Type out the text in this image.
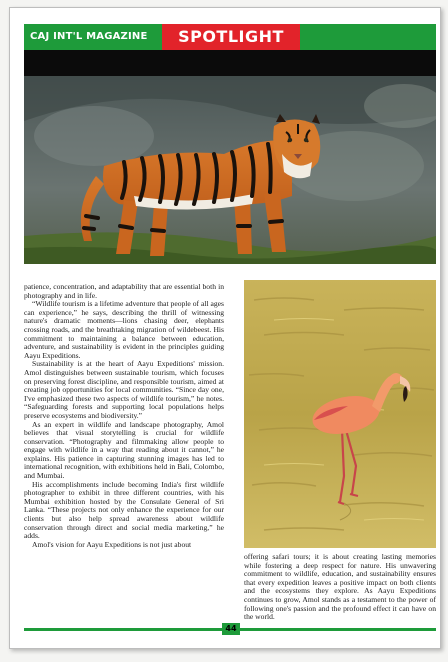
CAJ INT'L MAGAZINE	SPOTLIGHT

patience, concentration, and adaptability that are essential both in photography and in life.

“Wildlife tourism is a lifetime adventure that people of all ages can experience,” he says, describing the thrill of witnessing nature's dramatic moments—lions chasing deer, elephants crossing roads, and the breathtaking migration of wildebeest. His commitment to maintaining a balance between education, adventure, and sustainability is evident in the principles guiding Aayu Expeditions.

Sustainability is at the heart of Aayu Expeditions' mission. Amol distinguishes between sustainable tourism, which focuses on preserving forest discipline, and responsible tourism, aimed at creating job opportunities for local communities. “Since day one, I've emphasized these two aspects of wildlife tourism,” he notes. “Safeguarding forests and supporting local populations helps preserve ecosystems and biodiversity.”

As an expert in wildlife and landscape photography, Amol believes that visual storytelling is crucial for wildlife conservation. “Photography and filmmaking allow people to engage with wildlife in a way that reading about it cannot,” he explains. His patience in capturing stunning images has led to international recognition, with exhibitions held in Bali, Colombo, and Mumbai.

His accomplishments include becoming India's first wildlife photographer to exhibit in three different countries, with his Mumbai exhibition hosted by the Consulate General of Sri Lanka. “These projects not only enhance the experience for our clients but also help spread awareness about wildlife conservation through direct and social media marketing,” he adds.

Amol's vision for Aayu Expeditions is not just about

offering safari tours; it is about creating lasting memories while fostering a deep respect for nature. His unwavering commitment to wildlife, education, and sustainability ensures that every expedition leaves a positive impact on both clients and the ecosystems they explore. As Aayu Expeditions continues to grow, Amol stands as a testament to the power of following one's passion and the profound effect it can have on the world.

44
